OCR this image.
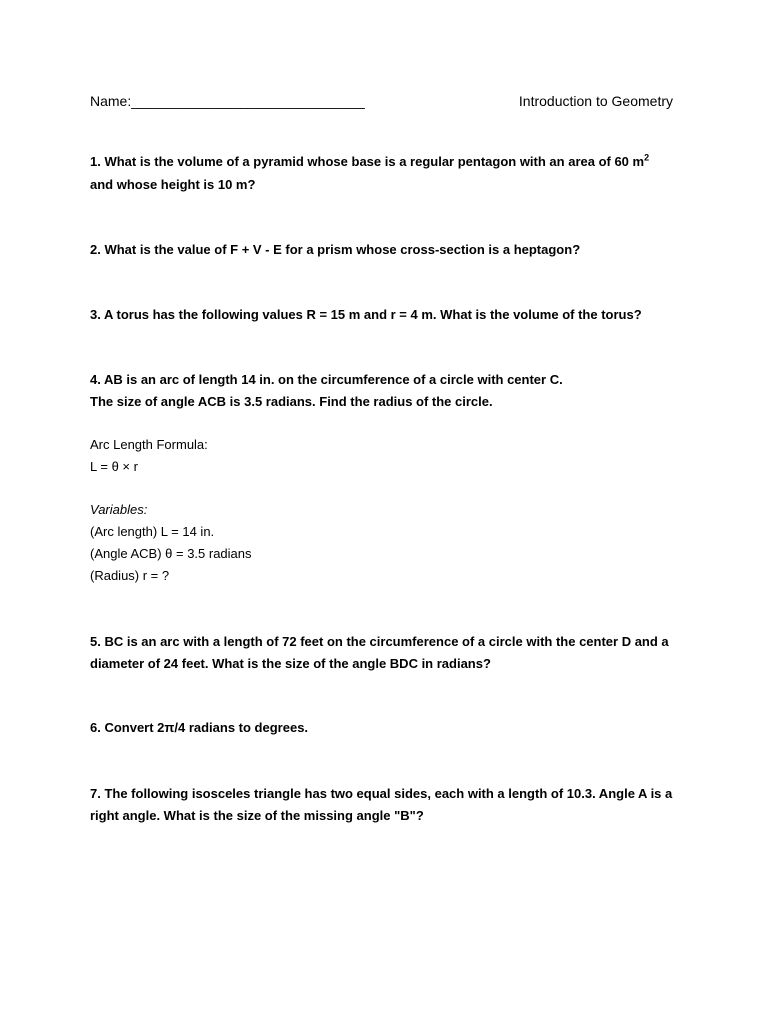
Name:______________________________	Introduction to Geometry
1. What is the volume of a pyramid whose base is a regular pentagon with an area of 60 $m^2$
and whose height is 10 m?
2. What is the value of F + V - E for a prism whose cross-section is a heptagon?
3. A torus has the following values R = 15 m and r = 4 m. What is the volume of the torus?
4. AB is an arc of length 14 in. on the circumference of a circle with center C.
The size of angle ACB is 3.5 radians. Find the radius of the circle.
Arc Length Formula:
L = θ × r
Variables:
(Arc length) L = 14 in.
(Angle ACB) θ = 3.5 radians
(Radius) r = ?
5. BC is an arc with a length of 72 feet on the circumference of a circle with the center D and a
diameter of 24 feet. What is the size of the angle BDC in radians?
6. Convert 2π/4 radians to degrees.
7. The following isosceles triangle has two equal sides, each with a length of 10.3. Angle A is a
right angle. What is the size of the missing angle "B"?
